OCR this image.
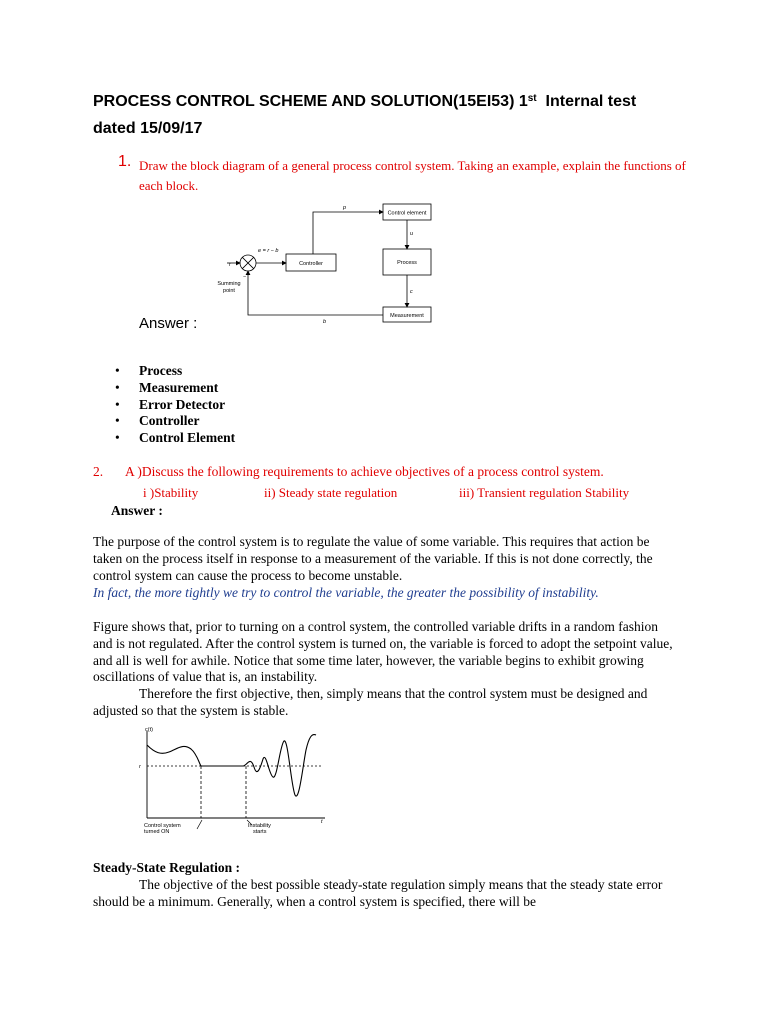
PROCESS CONTROL SCHEME AND SOLUTION(15EI53) 1st Internal test
dated 15/09/17
1. Draw the block diagram of a general process control system. Taking an example, explain the functions of each block.
Control element
Controller	Process
Measurement
Summing
point
p
u
c
b
r
−
e = r − b
Answer :
• Process
• Measurement
• Error Detector
• Controller
• Control Element
2. A )Discuss the following requirements to achieve objectives of a process control system.
i )Stability	ii) Steady state regulation	iii) Transient regulation Stability
Answer :
The purpose of the control system is to regulate the value of some variable. This requires that action be taken on the process itself in response to a measurement of the variable. If this is not done correctly, the control system can cause the process to become unstable.
In fact, the more tightly we try to control the variable, the greater the possibility of instability.
Figure shows that, prior to turning on a control system, the controlled variable drifts in a random fashion and is not regulated. After the control system is turned on, the variable is forced to adopt the setpoint value, and all is well for awhile. Notice that some time later, however, the variable begins to exhibit growing oscillations of value that is, an instability.
Therefore the first objective, then, simply means that the control system must be designed and adjusted so that the system is stable.
c(t)
r
t
Control system
turned ON
Instability
starts
Steady-State Regulation :
The objective of the best possible steady-state regulation simply means that the steady state error should be a minimum. Generally, when a control system is specified, there will be
